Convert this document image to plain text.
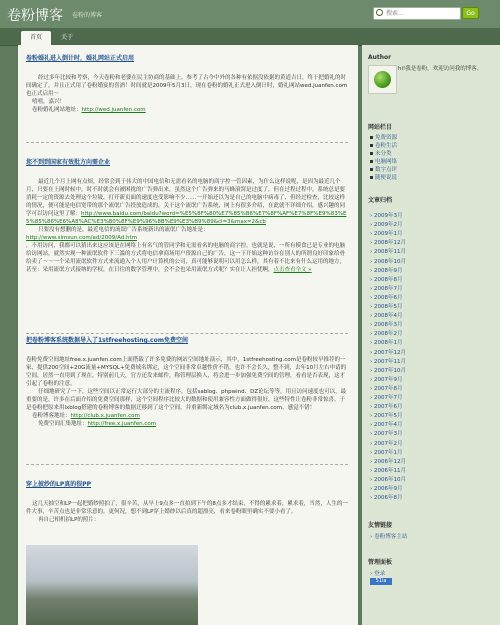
卷粉博客 卷粉的博客
搜索...	Go
首页	关于
卷粉婚礼进入倒计时，婚礼网站正式启用

经过多年比较和考察，今天卷粉和老婆在民主协商的基础上，参考了古今中外的各种有依据没依据的黄道吉日，终于把婚礼的时间确定了，并且正式用了卷粉婚宴的喜酒！时间就是2009年5月3日，现在卷粉的婚礼正式进入倒计时，婚礼网站wed.juanfen.com也正式启用～

嘻嘻，嘉兴！

卷粉婚礼网站地址：http://wed.juanfen.com

您不到到国家有效批方向需企业

最近几个月上网有点烦，经常会到于伟大的中国电信和无需看名的电脑的商字控一管因素，为什么这样说呢，是因为最近几个月，只要在上网时候中，时不时就会有被困扰的广告弹出来，虽然这个广告弹来的马蜂滚窝是过度了，但在过程过程中，系统总是要消耗一定的资源去处理这个垃圾，打开新页面的速度也受影响不少……一开始还以为是自己的电脑中病毒了，但经过检查，比较这样的情况，便可能是电信宽带的那个流氓广告投放造成的，关于这个流氓广告系统，网上有很多介绍，在此就不详细介绍，感兴趣的同学可以访问这里了解：http://www.baidu.com/baidu?word=%E5%8F%80%E7%85%B6%E7%8F%AF%E7%8F%E9%83%E5%85%86%E6%A8%AC%E3%80%8F%E9%96%8B%E9%E3%B9%89&cl=3&max=2&cb

只要没有想删的是，最近电信的流氓广告系统新出的流氓广告地址是：

http://www.simsun.com/ad/2009/Ad.htm

，不用访问，我都可以猜出来这应该是在网络上有名气的管同学和无需看名的电脑的商字控。也就是说，一所有模食已是专业的电脑给访网站，就然实现一种流氓软件下三滥的方式将电信拿商场用户资源自己的广告，这一下开始这种访谷在别人的所谓良好印象给骨给卖了～～一个采用流氓软件方式来流通入个人用户计算机的公司，真可能够说明可以用怎么样，其有着不比来有什么运用的地方，甚至：采用流氓方式接纳的学权，在日往的数学管理中，会不会也采用流氓方式呢？实在让人担忧啊，点击查看全文 »

把卷粉博客系统数据导入了1stfreehosting.com免费空间

卷粉免费空间地址free.x.juanfen.com上面搭载了许多免费的网站空间地址演示，其中，1stfreehosting.com是卷粉较早推荐的一家，提供200空间+20G流量+MYSQL+免费域名绑定，这个空间非常卓越性价不错，也许不会长久，整不到，去年10月左右申请的空间，居然一直用到了现在，特别前几天，官方还发来邮件，称管理层换人，将会进一步加强免费空间的管理，看看是否表现，这才引起了卷粉的注意。

仔细地研究了一下，这些空间以正常运行大部分的主流程序，包括sablog、phpwind、DZ论坛等等，用且访问速度也可以，最重要的是，许多在后面介绍的免费空间那样，这个空间程序比较大的数据和使用兼容性方面做得很好，这些特性让卷粉非常惊喜。于是卷粉把原来用lxblog搭建的卷粉博客的数据迁移到了这个空间，并重新绑定域名为club.x.juanfen.com，感觉不错！

卷粉博客地址：http://club.x.juanfen.com

免费空间汇集地址：http://free.x.juanfen.com

穿上披纱的LP真的很PP

这几天抽空和LP一起把婚纱照拍了，很辛苦，从早上9点多一直拍到下午的8点多才结束，不得的累求着，累求着，当然，人生的一件大事，辛苦点也是非常乐意的。更何况，想不到LP穿上婚纱以后真的超漂亮，看来卷粉眼里确实不要小看了。

再自己相机拍LP的照片：

Author
hi!我是卷粉。欢迎访问我的博客。
网站栏目
免费资源
卷粉生活
未分类
电脑网络
数字点评
随便说说
文章归档
› 2009年3月
› 2009年2月
› 2009年1月
› 2008年12月
› 2008年11月
› 2008年10月
› 2008年9月
› 2008年8月
› 2008年7月
› 2008年6月
› 2008年5月
› 2008年4月
› 2008年3月
› 2008年2月
› 2008年1月
› 2007年12月
› 2007年11月
› 2007年10月
› 2007年9月
› 2007年8月
› 2007年7月
› 2007年6月
› 2007年5月
› 2007年4月
› 2007年3月
› 2007年2月
› 2007年1月
› 2006年12月
› 2006年11月
› 2006年10月
› 2006年9月
› 2006年8月
友情链接
› 卷粉博客主站
管理面板
› 登录
51la
